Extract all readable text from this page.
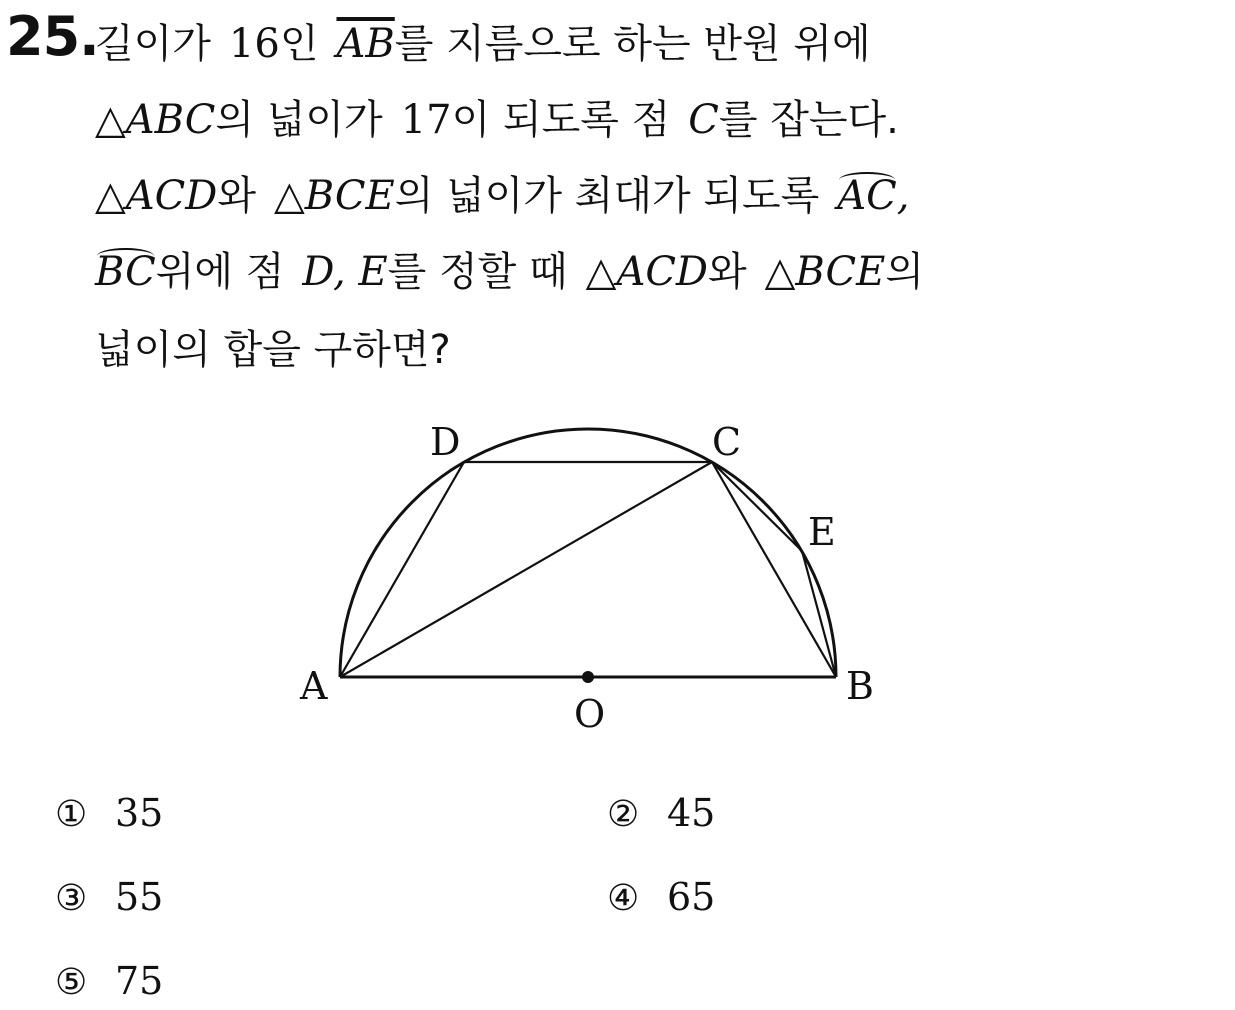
25.
길이가 16인 $\overline{AB}$를 지름으로 하는 반원 위에
△ABC의 넓이가 17이 되도록 점 C를 잡는다.
△ACD와 △BCE의 넓이가 최대가 되도록 AC,
BC위에 점 D, E를 정할 때 △ACD와 △BCE의
넓이의 합을 구하면?
D	C
E
A	B
O
① 35	② 45
③ 55	④ 65
⑤ 75
